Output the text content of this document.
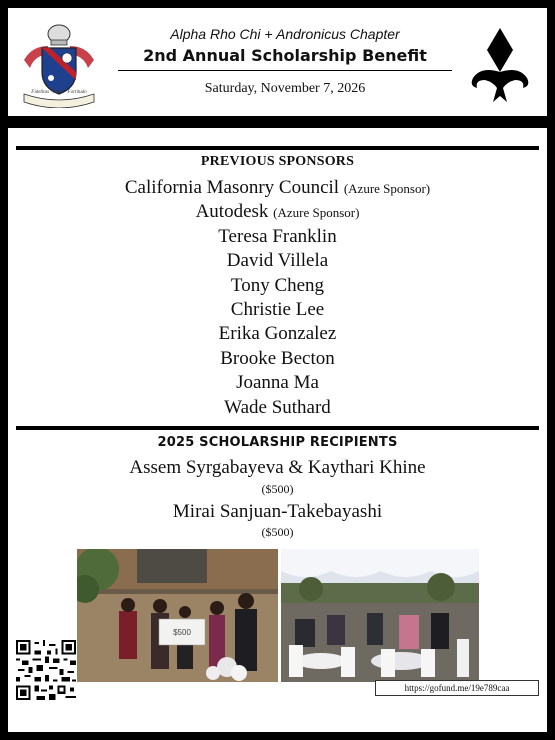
Fidelitas · Amor · Fortitudo
Alpha Rho Chi + Andronicus Chapter
2nd Annual Scholarship Benefit
Saturday, November 7, 2026
PREVIOUS SPONSORS
California Masonry Council (Azure Sponsor)
Autodesk (Azure Sponsor)
Teresa Franklin
David Villela
Tony Cheng
Christie Lee
Erika Gonzalez
Brooke Becton
Joanna Ma
Wade Suthard
2025 SCHOLARSHIP RECIPIENTS
Assem Syrgabayeva & Kaythari Khine
($500)
Mirai Sanjuan-Takebayashi
($500)
$500
https://gofund.me/19e789caa
